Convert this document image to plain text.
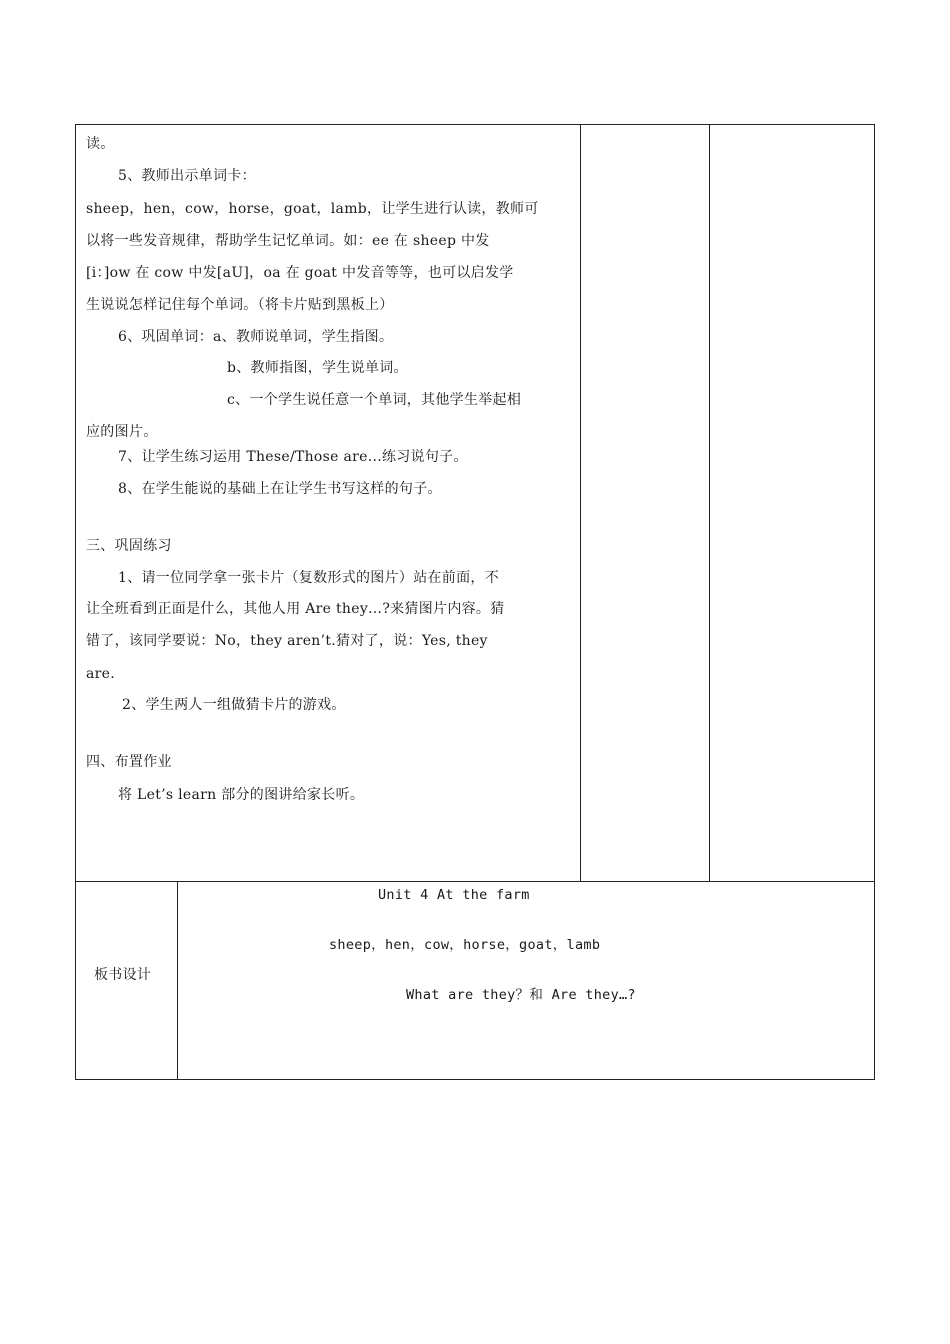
读。
5、教师出示单词卡：
sheep，hen，cow，horse，goat，lamb，让学生进行认读，教师可
以将一些发音规律，帮助学生记忆单词。如：ee 在 sheep 中发
[i：]ow 在 cow 中发[aU]，oa 在 goat 中发音等等，也可以启发学
生说说怎样记住每个单词。（将卡片贴到黑板上）
6、巩固单词：a、教师说单词，学生指图。
b、教师指图，学生说单词。
c、一个学生说任意一个单词，其他学生举起相
应的图片。
7、让学生练习运用 These/Those are...练习说句子。
8、在学生能说的基础上在让学生书写这样的句子。
三、巩固练习
1、请一位同学拿一张卡片（复数形式的图片）站在前面，不
让全班看到正面是什么，其他人用 Are they…?来猜图片内容。猜
错了，该同学要说：No，they aren’t.猜对了，说：Yes, they
are.
2、学生两人一组做猜卡片的游戏。
四、布置作业
将 Let’s learn 部分的图讲给家长听。
板书设计
Unit 4 At the farm
sheep，hen，cow，horse，goat，lamb
What are they？和 Are they…?
